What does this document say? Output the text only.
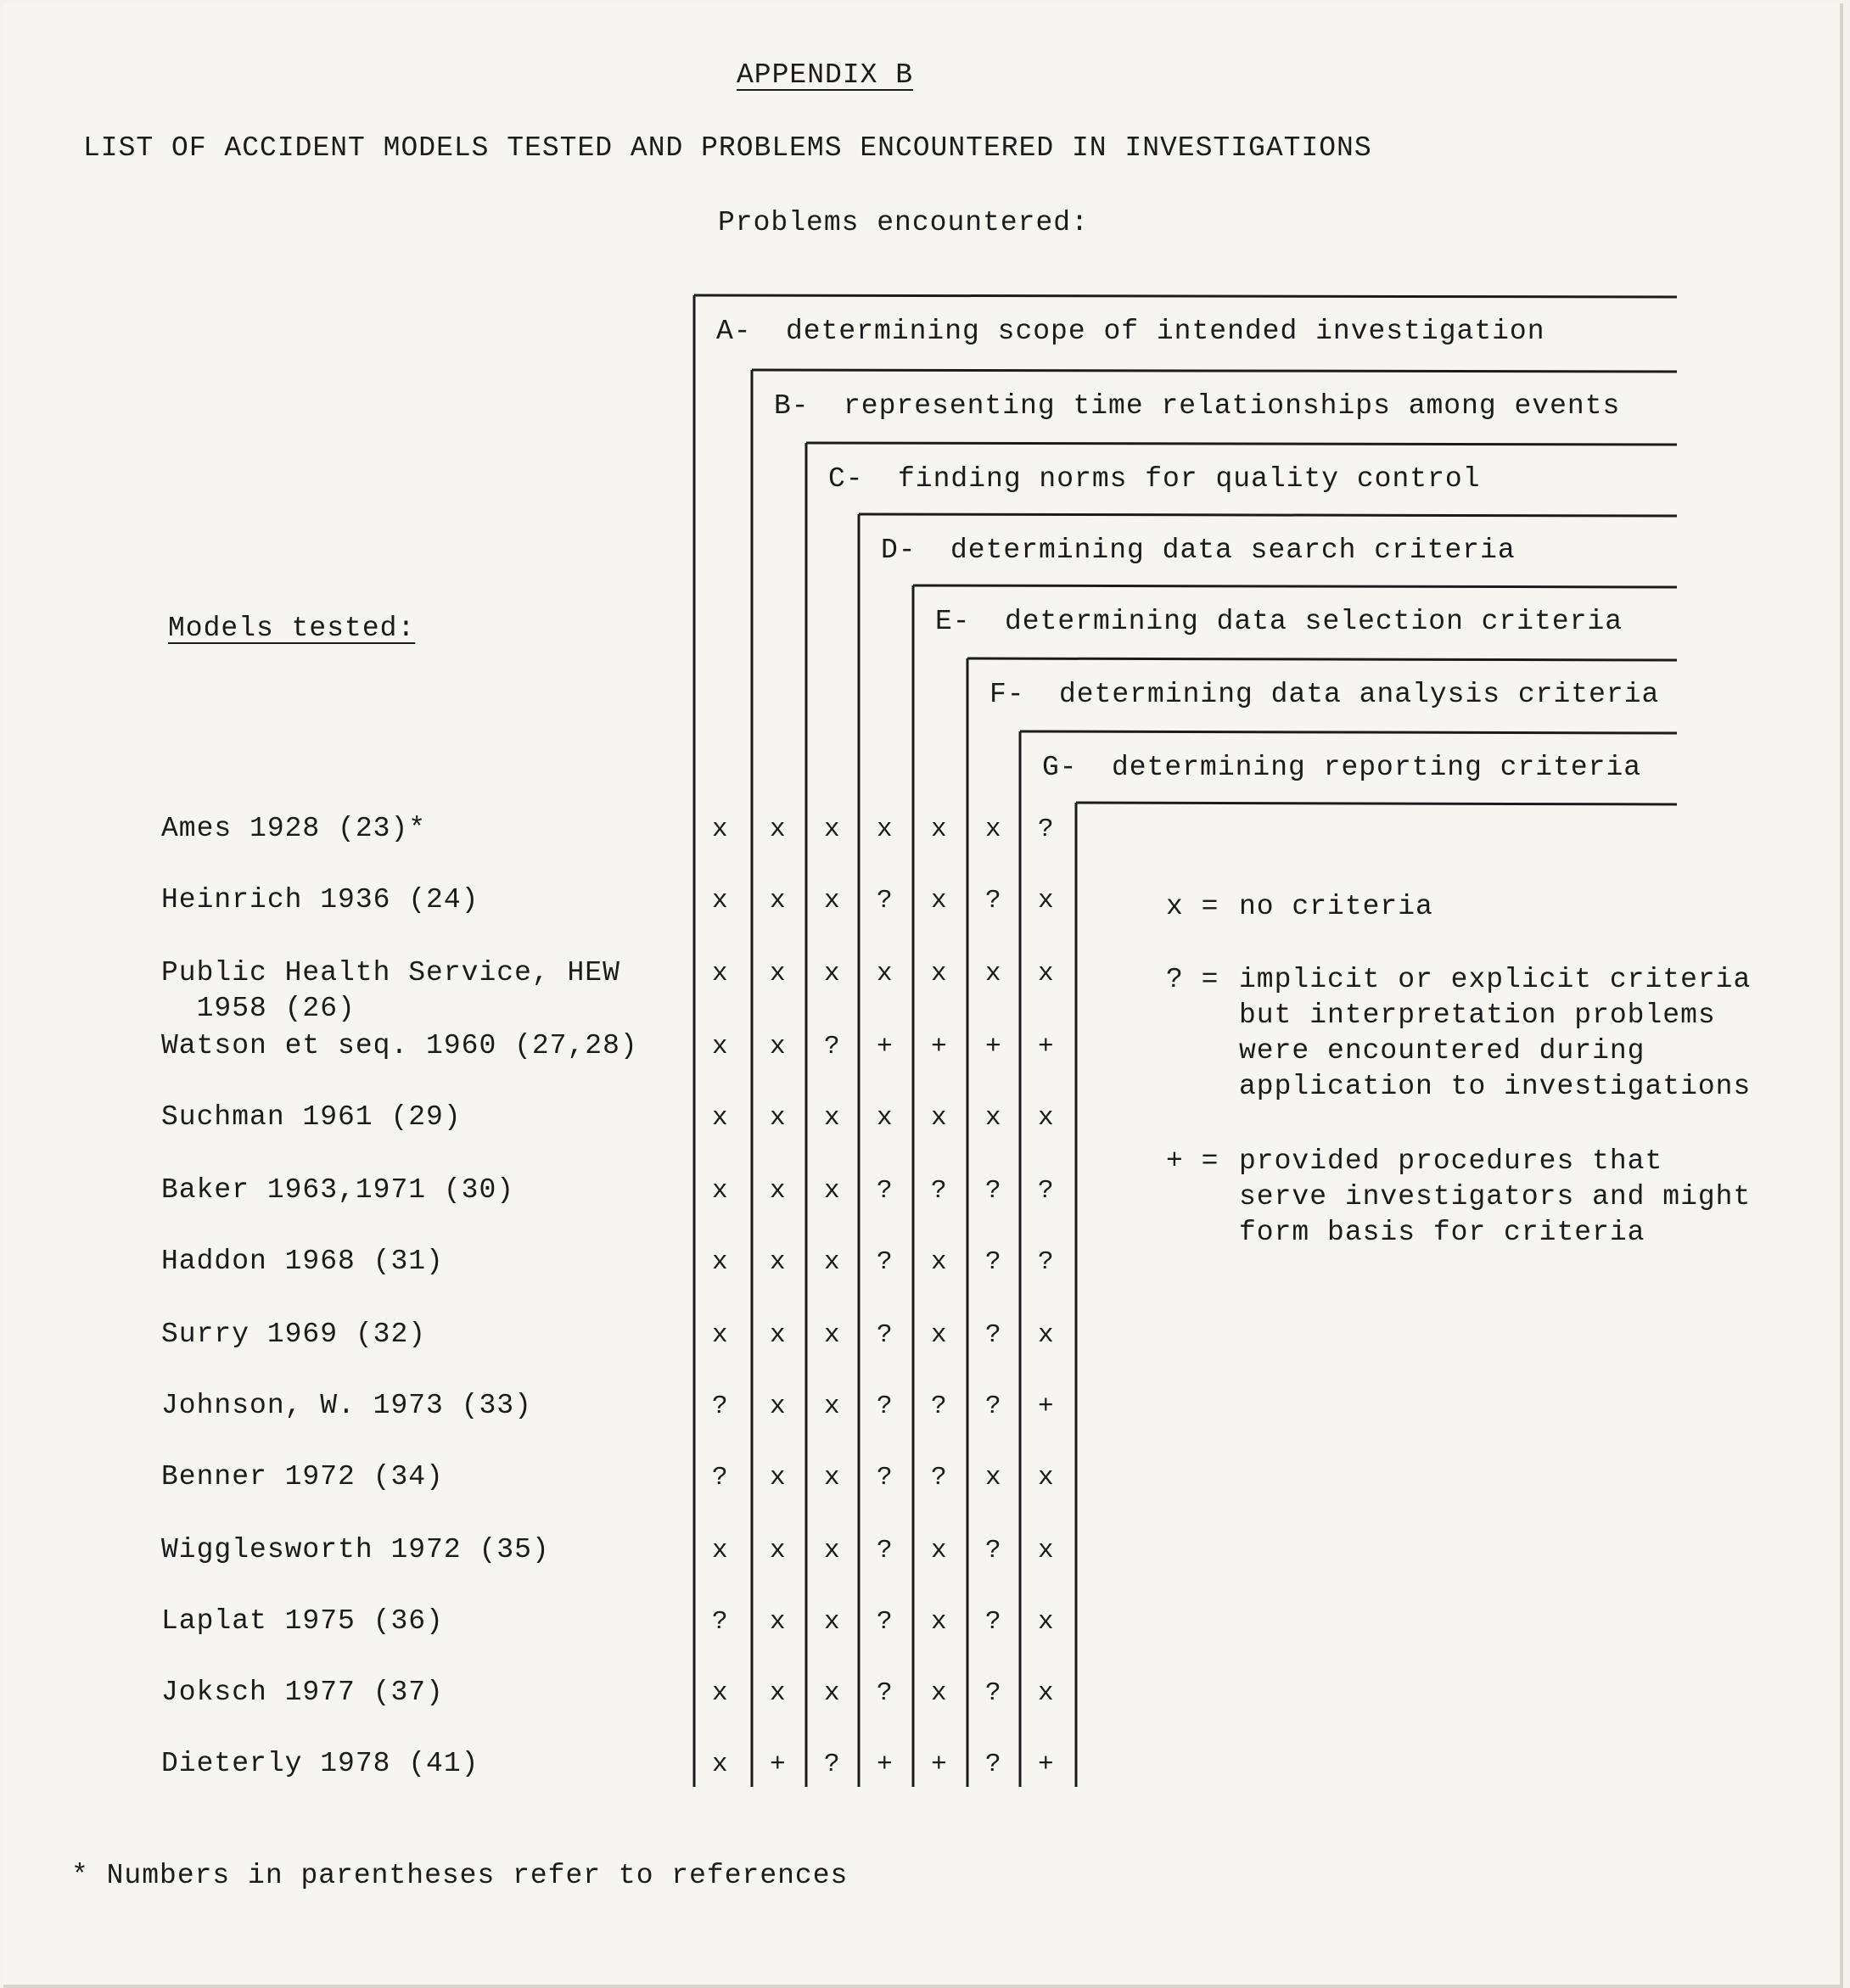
APPENDIX B
LIST OF ACCIDENT MODELS TESTED AND PROBLEMS ENCOUNTERED IN INVESTIGATIONS
Problems encountered:
Models tested:
A- determining scope of intended investigation
B- representing time relationships among events
C- finding norms for quality control
D- determining data search criteria
E- determining data selection criteria
F- determining data analysis criteria
G- determining reporting criteria
Ames 1928 (23)*
Heinrich 1936 (24)
Public Health Service, HEW
1958 (26)
Watson et seq. 1960 (27,28)
Suchman 1961 (29)
Baker 1963,1971 (30)
Haddon 1968 (31)
Surry 1969 (32)
Johnson, W. 1973 (33)
Benner 1972 (34)
Wigglesworth 1972 (35)
Laplat 1975 (36)
Joksch 1977 (37)
Dieterly 1978 (41)
x x x x x x ?
x x x ? x ? x
x x x x x x x
x x ? + + + +
x x x x x x x
x x x ? ? ? ?
x x x ? x ? ?
x x x ? x ? x
? x x ? ? ? +
? x x ? ? x x
x x x ? x ? x
? x x ? x ? x
x x x ? x ? x
x + ? + + ? +
x = no criteria
? = implicit or explicit criteria
but interpretation problems
were encountered during
application to investigations
+ = provided procedures that
serve investigators and might
form basis for criteria
* Numbers in parentheses refer to references
